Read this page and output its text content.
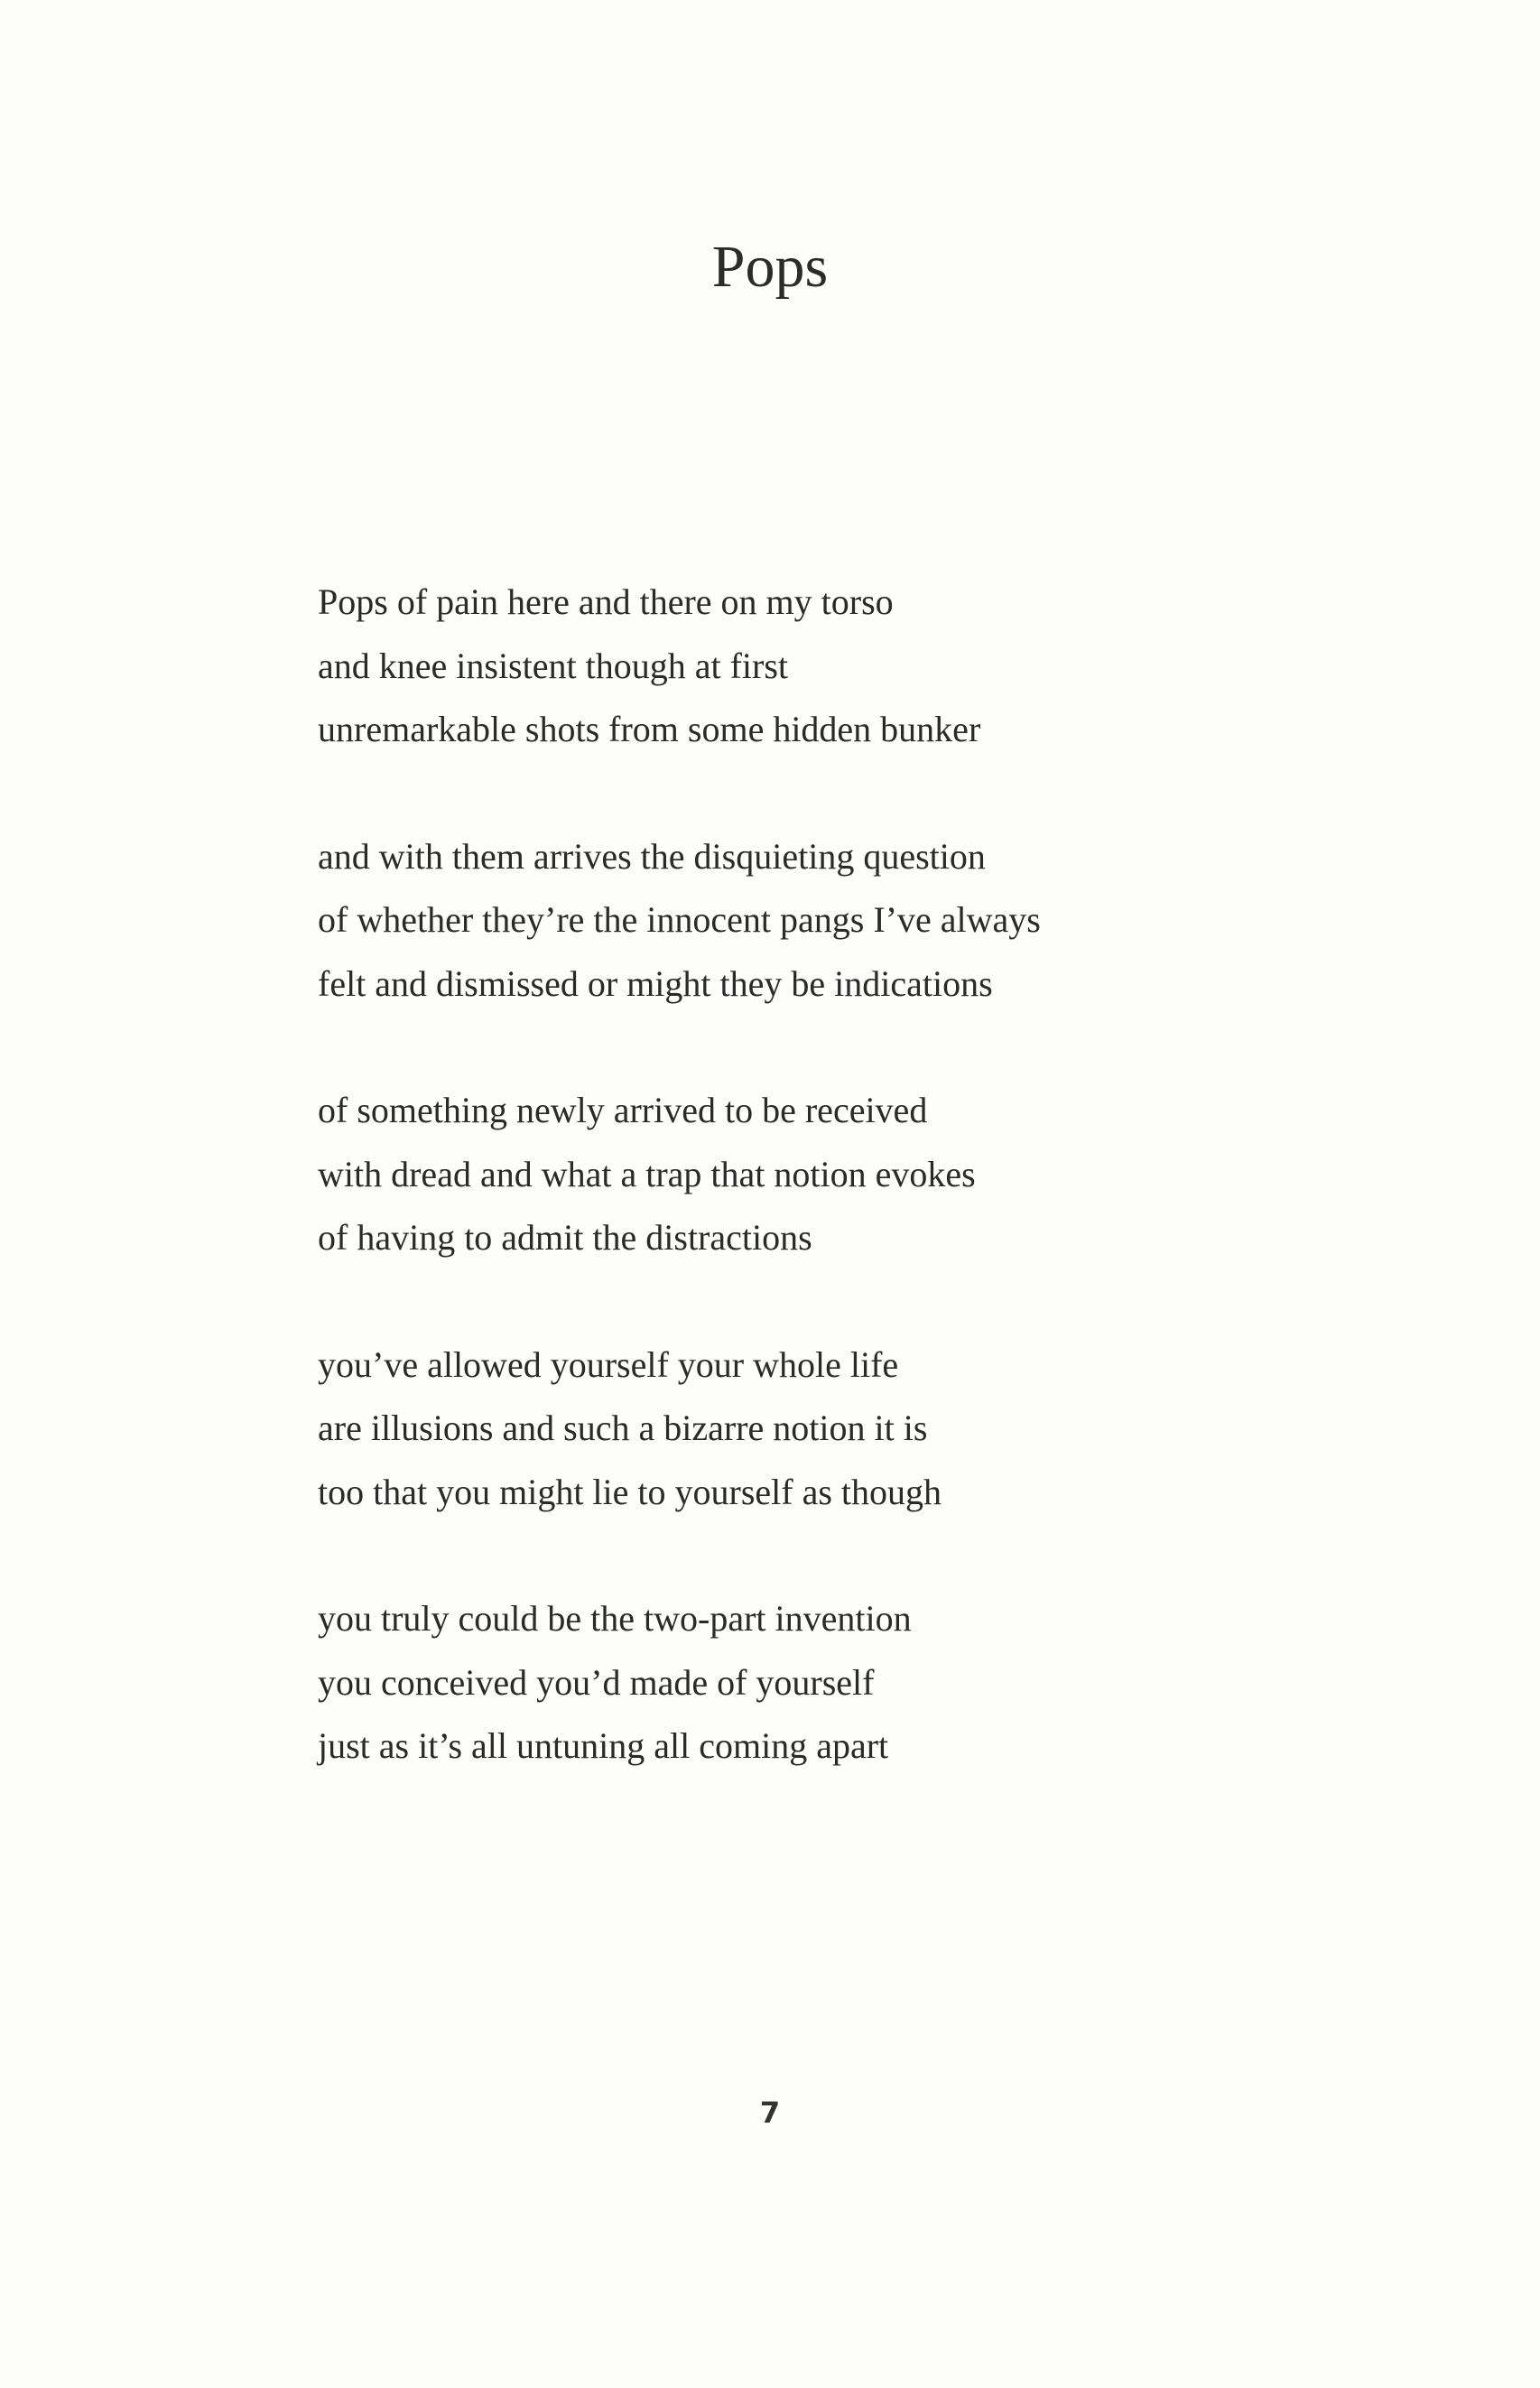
Pops
Pops of pain here and there on my torso
and knee insistent though at first
unremarkable shots from some hidden bunker
and with them arrives the disquieting question
of whether they’re the innocent pangs I’ve always
felt and dismissed or might they be indications
of something newly arrived to be received
with dread and what a trap that notion evokes
of having to admit the distractions
you’ve allowed yourself your whole life
are illusions and such a bizarre notion it is
too that you might lie to yourself as though
you truly could be the two-part invention
you conceived you’d made of yourself
just as it’s all untuning all coming apart
7
